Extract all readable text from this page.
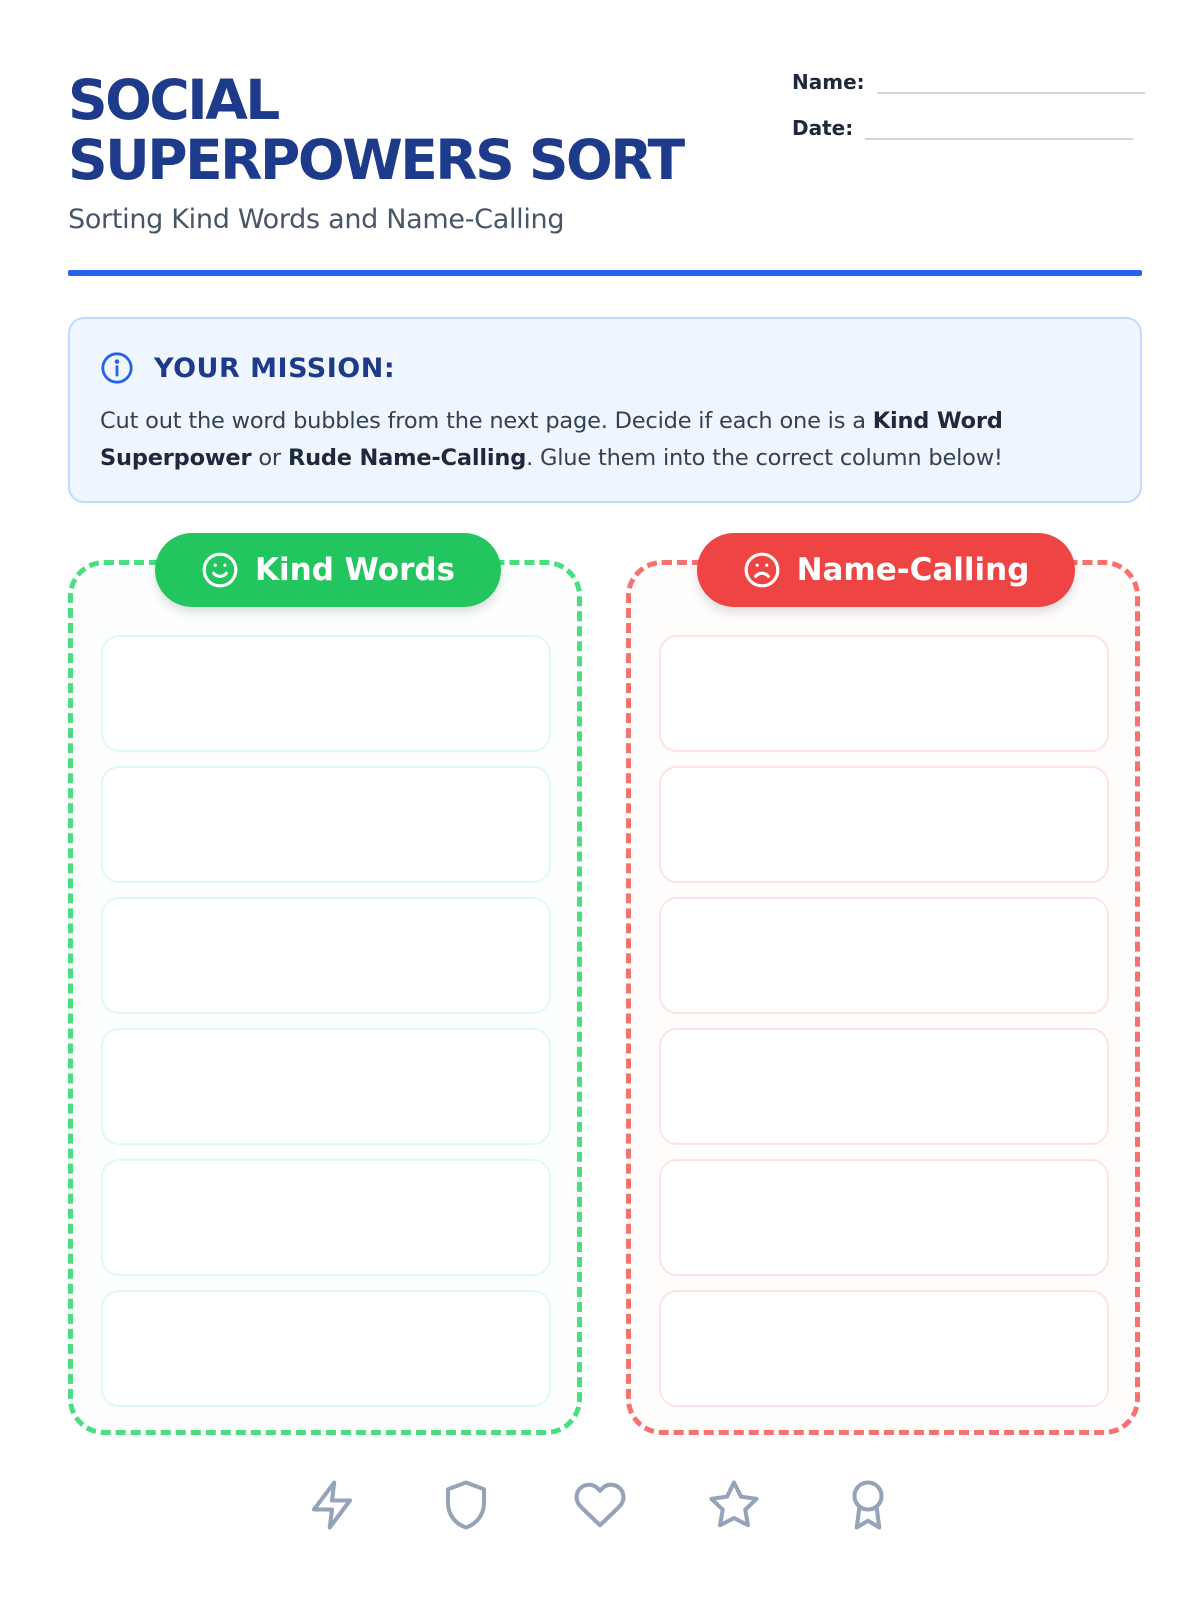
SOCIAL
SUPERPOWERS SORT
Sorting Kind Words and Name-Calling
Name:
Date:
YOUR MISSION:

Cut out the word bubbles from the next page. Decide if each one is a Kind Word Superpower or Rude Name-Calling. Glue them into the correct column below!

Kind Words	Name-Calling
